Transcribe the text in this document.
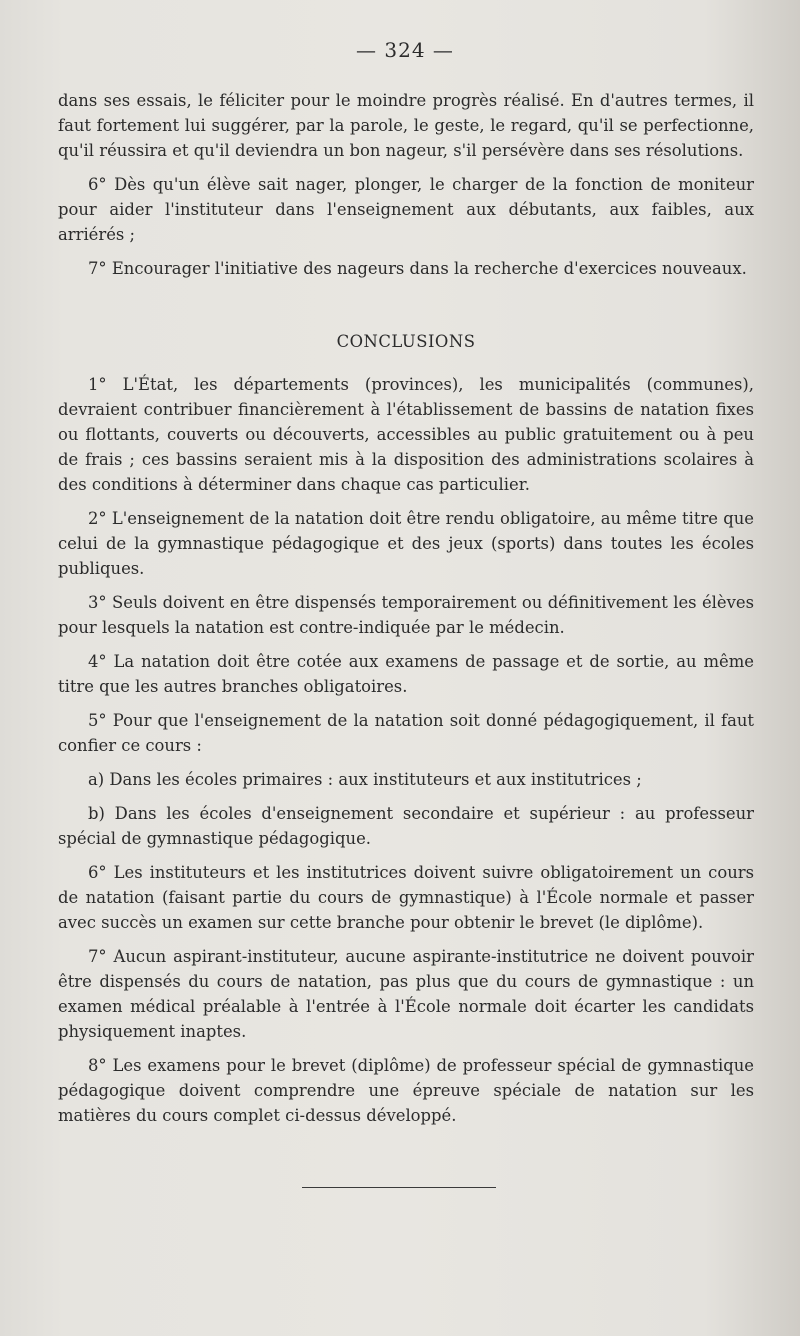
— 324 —

dans ses essais, le féliciter pour le moindre progrès réalisé. En d'autres termes, il faut fortement lui suggérer, par la parole, le geste, le regard, qu'il se perfectionne, qu'il réussira et qu'il deviendra un bon nageur, s'il persévère dans ses résolutions.

6° Dès qu'un élève sait nager, plonger, le charger de la fonction de moniteur pour aider l'instituteur dans l'enseignement aux débutants, aux faibles, aux arriérés ;

7° Encourager l'initiative des nageurs dans la recherche d'exercices nouveaux.

CONCLUSIONS

1° L'État, les départements (provinces), les municipalités (communes), devraient contribuer financièrement à l'établissement de bassins de natation fixes ou flottants, couverts ou découverts, accessibles au public gratuitement ou à peu de frais ; ces bassins seraient mis à la disposition des administrations scolaires à des conditions à déterminer dans chaque cas particulier.

2° L'enseignement de la natation doit être rendu obligatoire, au même titre que celui de la gymnastique pédagogique et des jeux (sports) dans toutes les écoles publiques.

3° Seuls doivent en être dispensés temporairement ou définitivement les élèves pour lesquels la natation est contre-indiquée par le médecin.

4° La natation doit être cotée aux examens de passage et de sortie, au même titre que les autres branches obligatoires.

5° Pour que l'enseignement de la natation soit donné pédagogiquement, il faut confier ce cours :

a) Dans les écoles primaires : aux instituteurs et aux institutrices ;

b) Dans les écoles d'enseignement secondaire et supérieur : au professeur spécial de gymnastique pédagogique.

6° Les instituteurs et les institutrices doivent suivre obligatoirement un cours de natation (faisant partie du cours de gymnastique) à l'École normale et passer avec succès un examen sur cette branche pour obtenir le brevet (le diplôme).

7° Aucun aspirant-instituteur, aucune aspirante-institutrice ne doivent pouvoir être dispensés du cours de natation, pas plus que du cours de gymnastique : un examen médical préalable à l'entrée à l'École normale doit écarter les candidats physiquement inaptes.

8° Les examens pour le brevet (diplôme) de professeur spécial de gymnastique pédagogique doivent comprendre une épreuve spéciale de natation sur les matières du cours complet ci-dessus développé.
